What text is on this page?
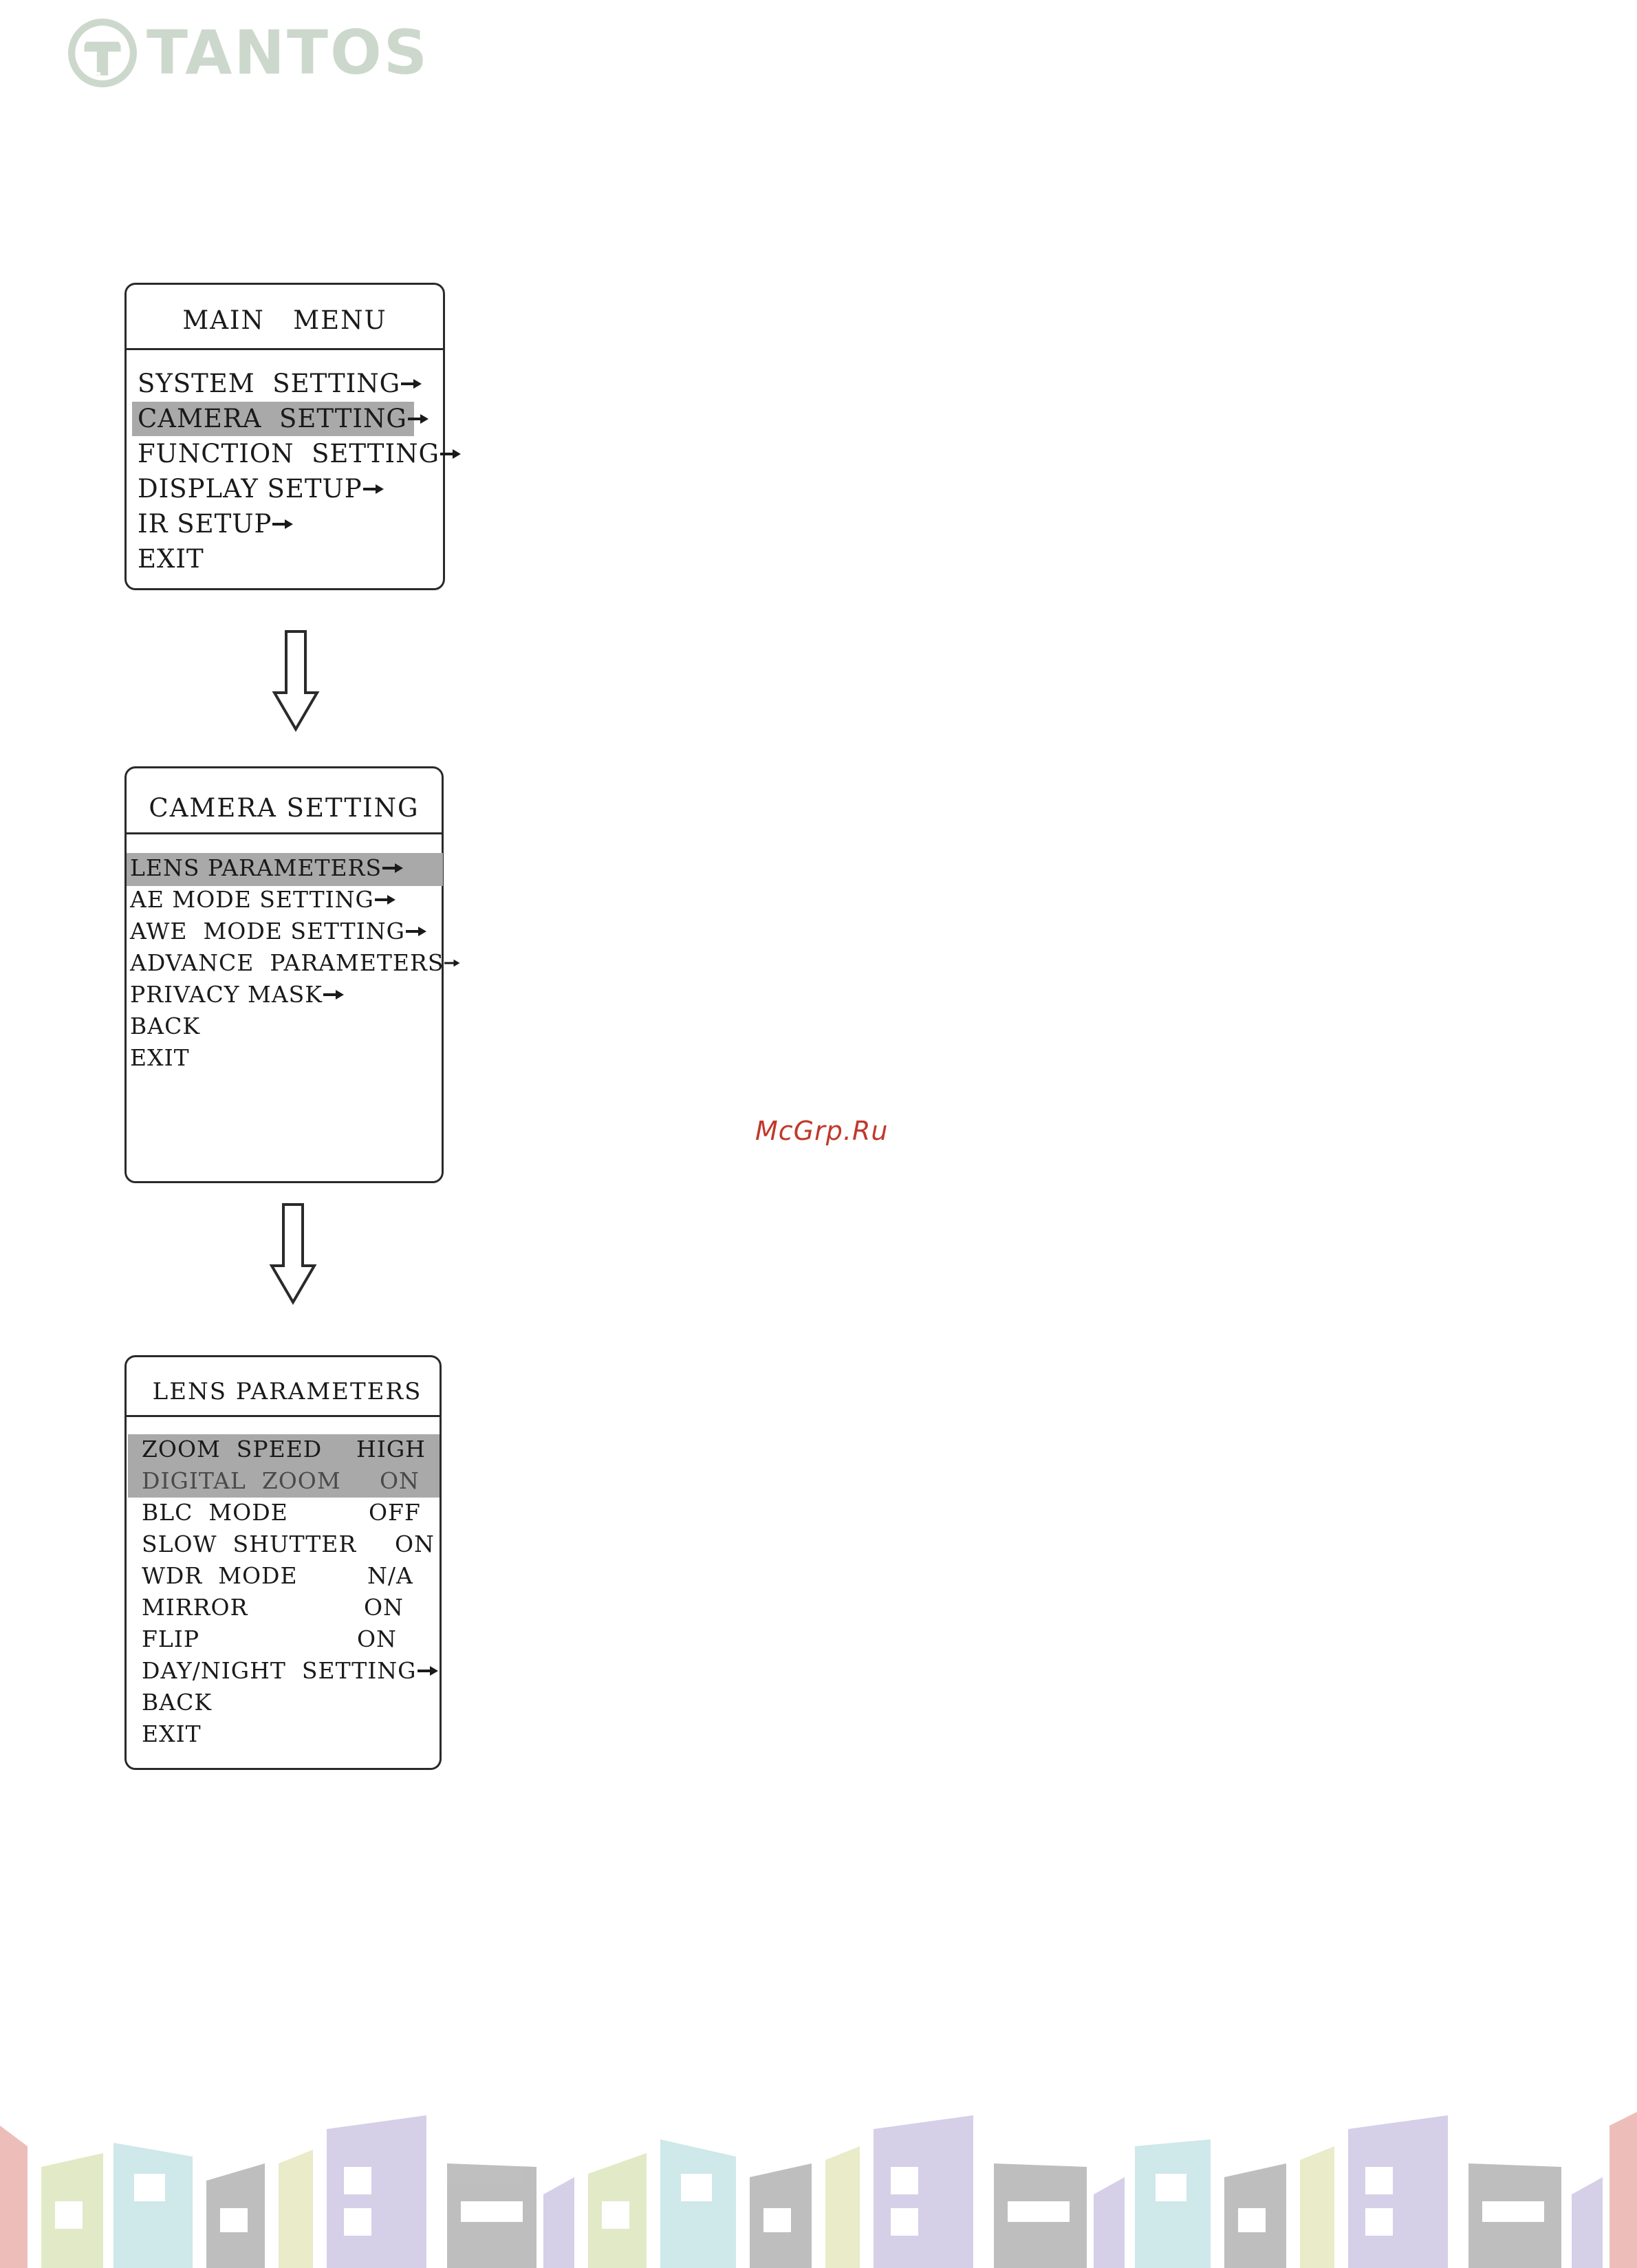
TANTOS
MAIN   MENU
SYSTEM  SETTING
CAMERA  SETTING
FUNCTION  SETTING
DISPLAY SETUP
IR SETUP
EXIT
CAMERA SETTING
LENS PARAMETERS
AE MODE SETTING
AWE  MODE SETTING
ADVANCE  PARAMETERS
PRIVACY MASK
BACK
EXIT
LENS PARAMETERS
ZOOM  SPEED HIGH
DIGITAL  ZOOM ON
BLC  MODE	OFF
SLOW  SHUTTER ON
WDR  MODE	N/A
MIRROR	ON
FLIP	ON
DAY/NIGHT  SETTING
BACK
EXIT
McGrp.Ru
